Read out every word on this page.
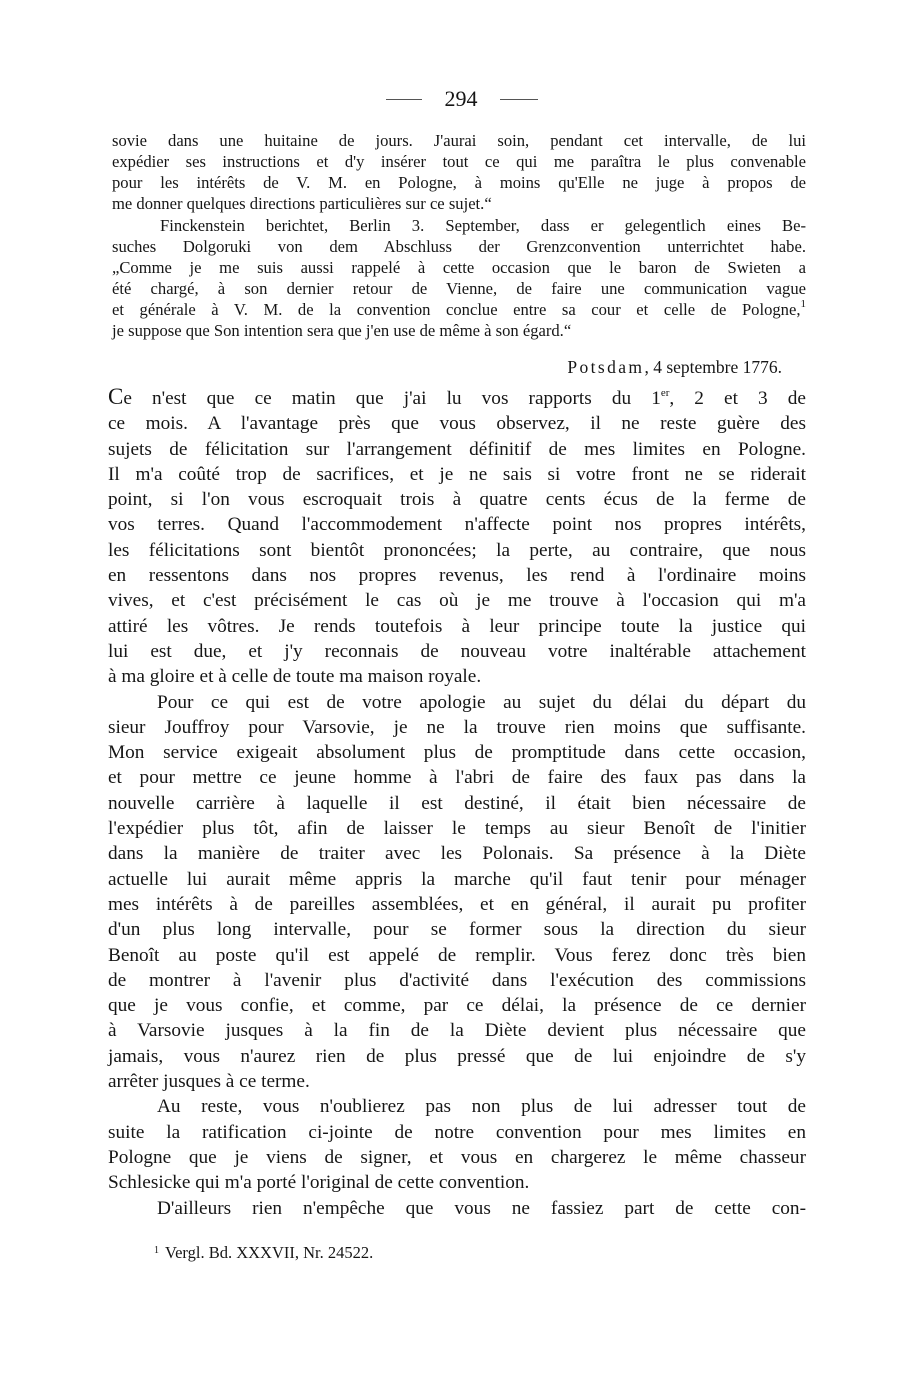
294
sovie dans une huitaine de jours. J'aurai soin, pendant cet intervalle, de lui
expédier ses instructions et d'y insérer tout ce qui me paraîtra le plus convenable
pour les intérêts de V. M. en Pologne, à moins qu'Elle ne juge à propos de
me donner quelques directions particulières sur ce sujet.“
Finckenstein berichtet, Berlin 3. September, dass er gelegentlich eines Be-
suches Dolgoruki von dem Abschluss der Grenzconvention unterrichtet habe.
„Comme je me suis aussi rappelé à cette occasion que le baron de Swieten a
été chargé, à son dernier retour de Vienne, de faire une communication vague
et générale à V. M. de la convention conclue entre sa cour et celle de Pologne,$^1$
je suppose que Son intention sera que j'en use de même à son égard.“
Potsdam, 4 septembre 1776.
Ce n'est que ce matin que j'ai lu vos rapports du 1er, 2 et 3 de
ce mois. A l'avantage près que vous observez, il ne reste guère des
sujets de félicitation sur l'arrangement définitif de mes limites en Pologne.
Il m'a coûté trop de sacrifices, et je ne sais si votre front ne se riderait
point, si l'on vous escroquait trois à quatre cents écus de la ferme de
vos terres. Quand l'accommodement n'affecte point nos propres intérêts,
les félicitations sont bientôt prononcées; la perte, au contraire, que nous
en ressentons dans nos propres revenus, les rend à l'ordinaire moins
vives, et c'est précisément le cas où je me trouve à l'occasion qui m'a
attiré les vôtres. Je rends toutefois à leur principe toute la justice qui
lui est due, et j'y reconnais de nouveau votre inaltérable attachement
à ma gloire et à celle de toute ma maison royale.
Pour ce qui est de votre apologie au sujet du délai du départ du
sieur Jouffroy pour Varsovie, je ne la trouve rien moins que suffisante.
Mon service exigeait absolument plus de promptitude dans cette occasion,
et pour mettre ce jeune homme à l'abri de faire des faux pas dans la
nouvelle carrière à laquelle il est destiné, il était bien nécessaire de
l'expédier plus tôt, afin de laisser le temps au sieur Benoît de l'initier
dans la manière de traiter avec les Polonais. Sa présence à la Diète
actuelle lui aurait même appris la marche qu'il faut tenir pour ménager
mes intérêts à de pareilles assemblées, et en général, il aurait pu profiter
d'un plus long intervalle, pour se former sous la direction du sieur
Benoît au poste qu'il est appelé de remplir. Vous ferez donc très bien
de montrer à l'avenir plus d'activité dans l'exécution des commissions
que je vous confie, et comme, par ce délai, la présence de ce dernier
à Varsovie jusques à la fin de la Diète devient plus nécessaire que
jamais, vous n'aurez rien de plus pressé que de lui enjoindre de s'y
arrêter jusques à ce terme.
Au reste, vous n'oublierez pas non plus de lui adresser tout de
suite la ratification ci-jointe de notre convention pour mes limites en
Pologne que je viens de signer, et vous en chargerez le même chasseur
Schlesicke qui m'a porté l'original de cette convention.
D'ailleurs rien n'empêche que vous ne fassiez part de cette con-
$^1$ Vergl. Bd. XXXVII, Nr. 24522.
